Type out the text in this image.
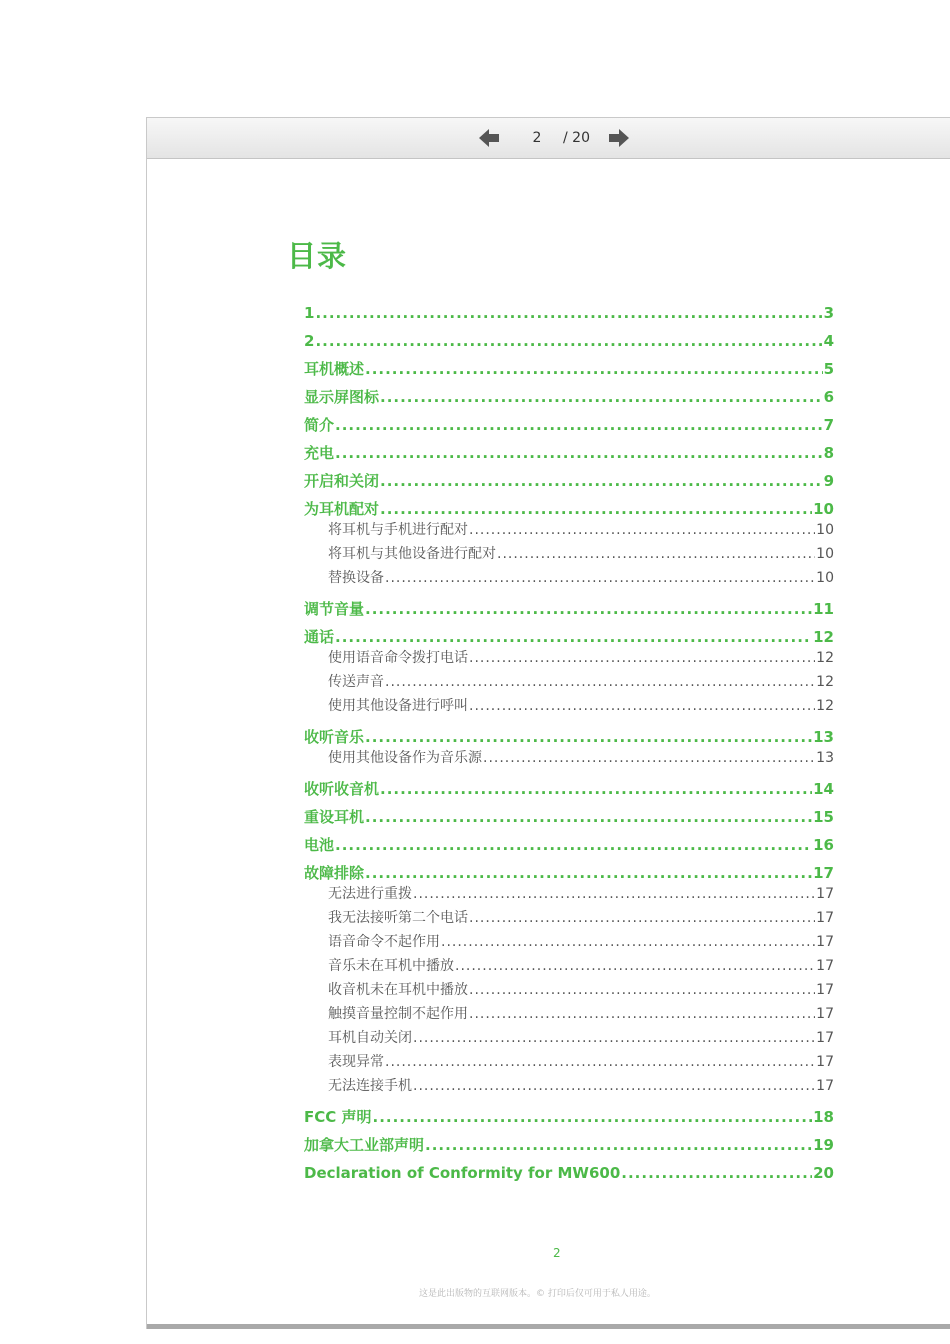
2	/ 20
目录
1 .....	3
2 .....	4
耳机概述 .....	5
显示屏图标 .....	6
简介 .....	7
充电 .....	8
开启和关闭 .....	9
为耳机配对 .....	10
将耳机与手机进行配对 .....	10
将耳机与其他设备进行配对 .....	10
替换设备 .....	10
调节音量 .....	11
通话 .....	12
使用语音命令拨打电话 .....	12
传送声音 .....	12
使用其他设备进行呼叫 .....	12
收听音乐 .....	13
使用其他设备作为音乐源 .....	13
收听收音机 .....	14
重设耳机 .....	15
电池 .....	16
故障排除 .....	17
无法进行重拨 .....	17
我无法接听第二个电话 .....	17
语音命令不起作用 .....	17
音乐未在耳机中播放 .....	17
收音机未在耳机中播放 .....	17
触摸音量控制不起作用 .....	17
耳机自动关闭 .....	17
表现异常 .....	17
无法连接手机 .....	17
FCC 声明 .....	18
加拿大工业部声明 .....	19
Declaration of Conformity for MW600 .....	20
2
这是此出版物的互联网版本。© 打印后仅可用于私人用途。
